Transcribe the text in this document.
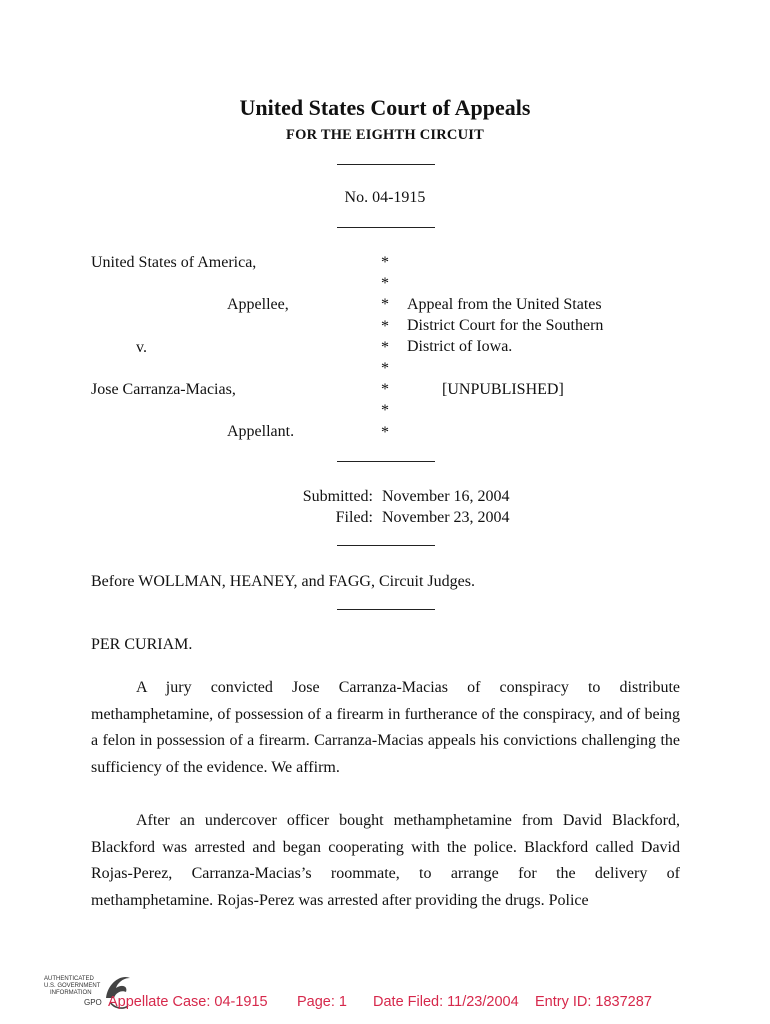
United States Court of Appeals
FOR THE EIGHTH CIRCUIT
No. 04-1915
United States of America,
Appellee,
v.
Jose Carranza-Macias,
Appellant.
*
*
*
*
*
*
*
*
*
Appeal from the United States
District Court for the Southern
District of Iowa.
[UNPUBLISHED]
Submitted: November 16, 2004
Filed: November 23, 2004
Before WOLLMAN, HEANEY, and FAGG, Circuit Judges.
PER CURIAM.
A jury convicted Jose Carranza-Macias of conspiracy to distribute methamphetamine, of possession of a firearm in furtherance of the conspiracy, and of being a felon in possession of a firearm. Carranza-Macias appeals his convictions challenging the sufficiency of the evidence. We affirm.
After an undercover officer bought methamphetamine from David Blackford, Blackford was arrested and began cooperating with the police. Blackford called David Rojas-Perez, Carranza-Macias’s roommate, to arrange for the delivery of methamphetamine. Rojas-Perez was arrested after providing the drugs. Police
AUTHENTICATED
U.S. GOVERNMENT
INFORMATION
GPO Appellate Case: 04-1915 Page: 1 Date Filed: 11/23/2004 Entry ID: 1837287
